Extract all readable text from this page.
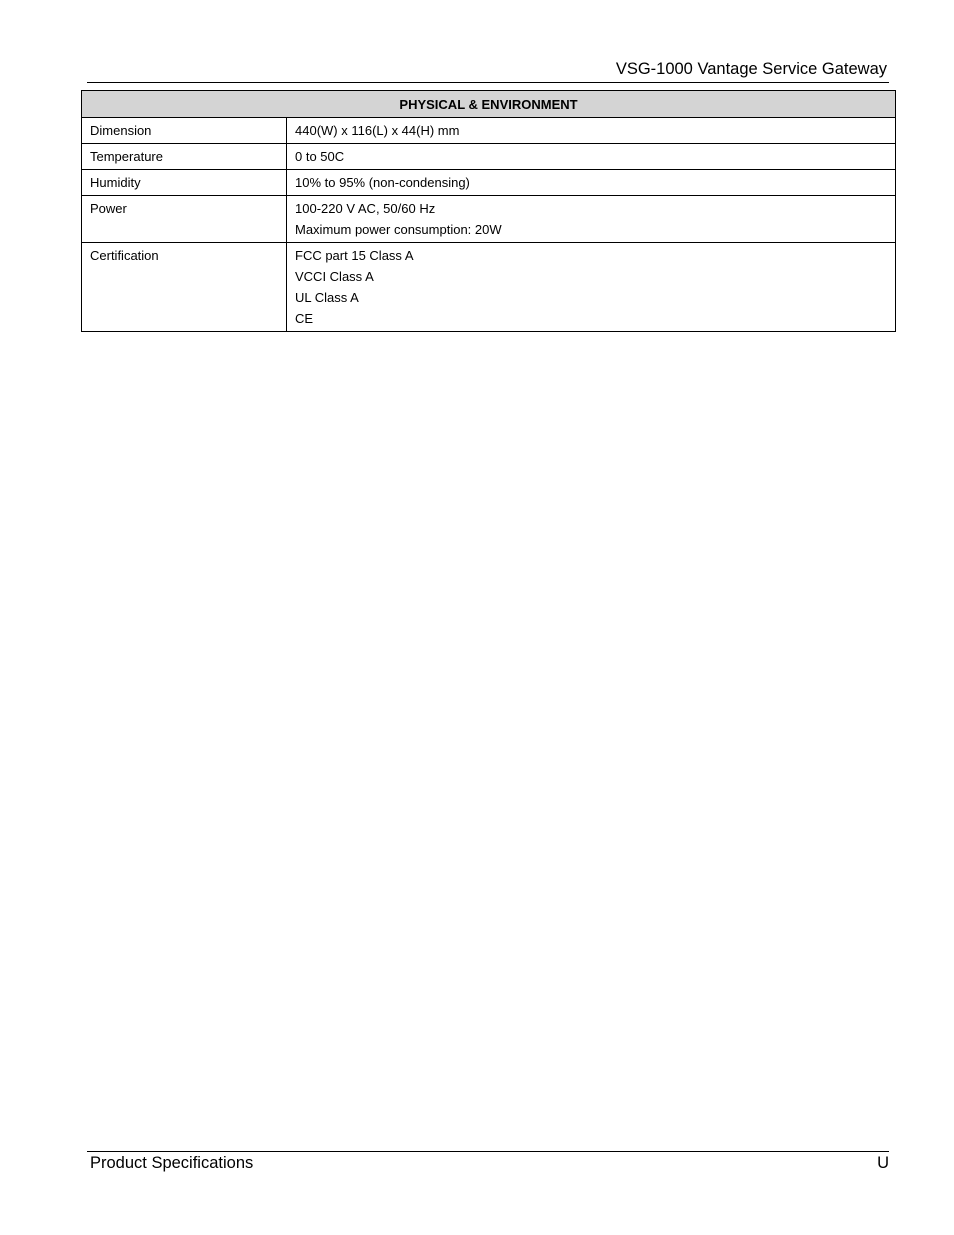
VSG-1000 Vantage Service Gateway
PHYSICAL & ENVIRONMENT	
Dimension	440(W) x 116(L) x 44(H) mm

Temperature	0 to 50C

Humidity	10% to 95% (non-condensing)

Power	100-220 V AC, 50/60 Hz
Maximum power consumption: 20W

Certification	FCC part 15 Class A
VCCI Class A
UL Class A
CE
Product Specifications	U
